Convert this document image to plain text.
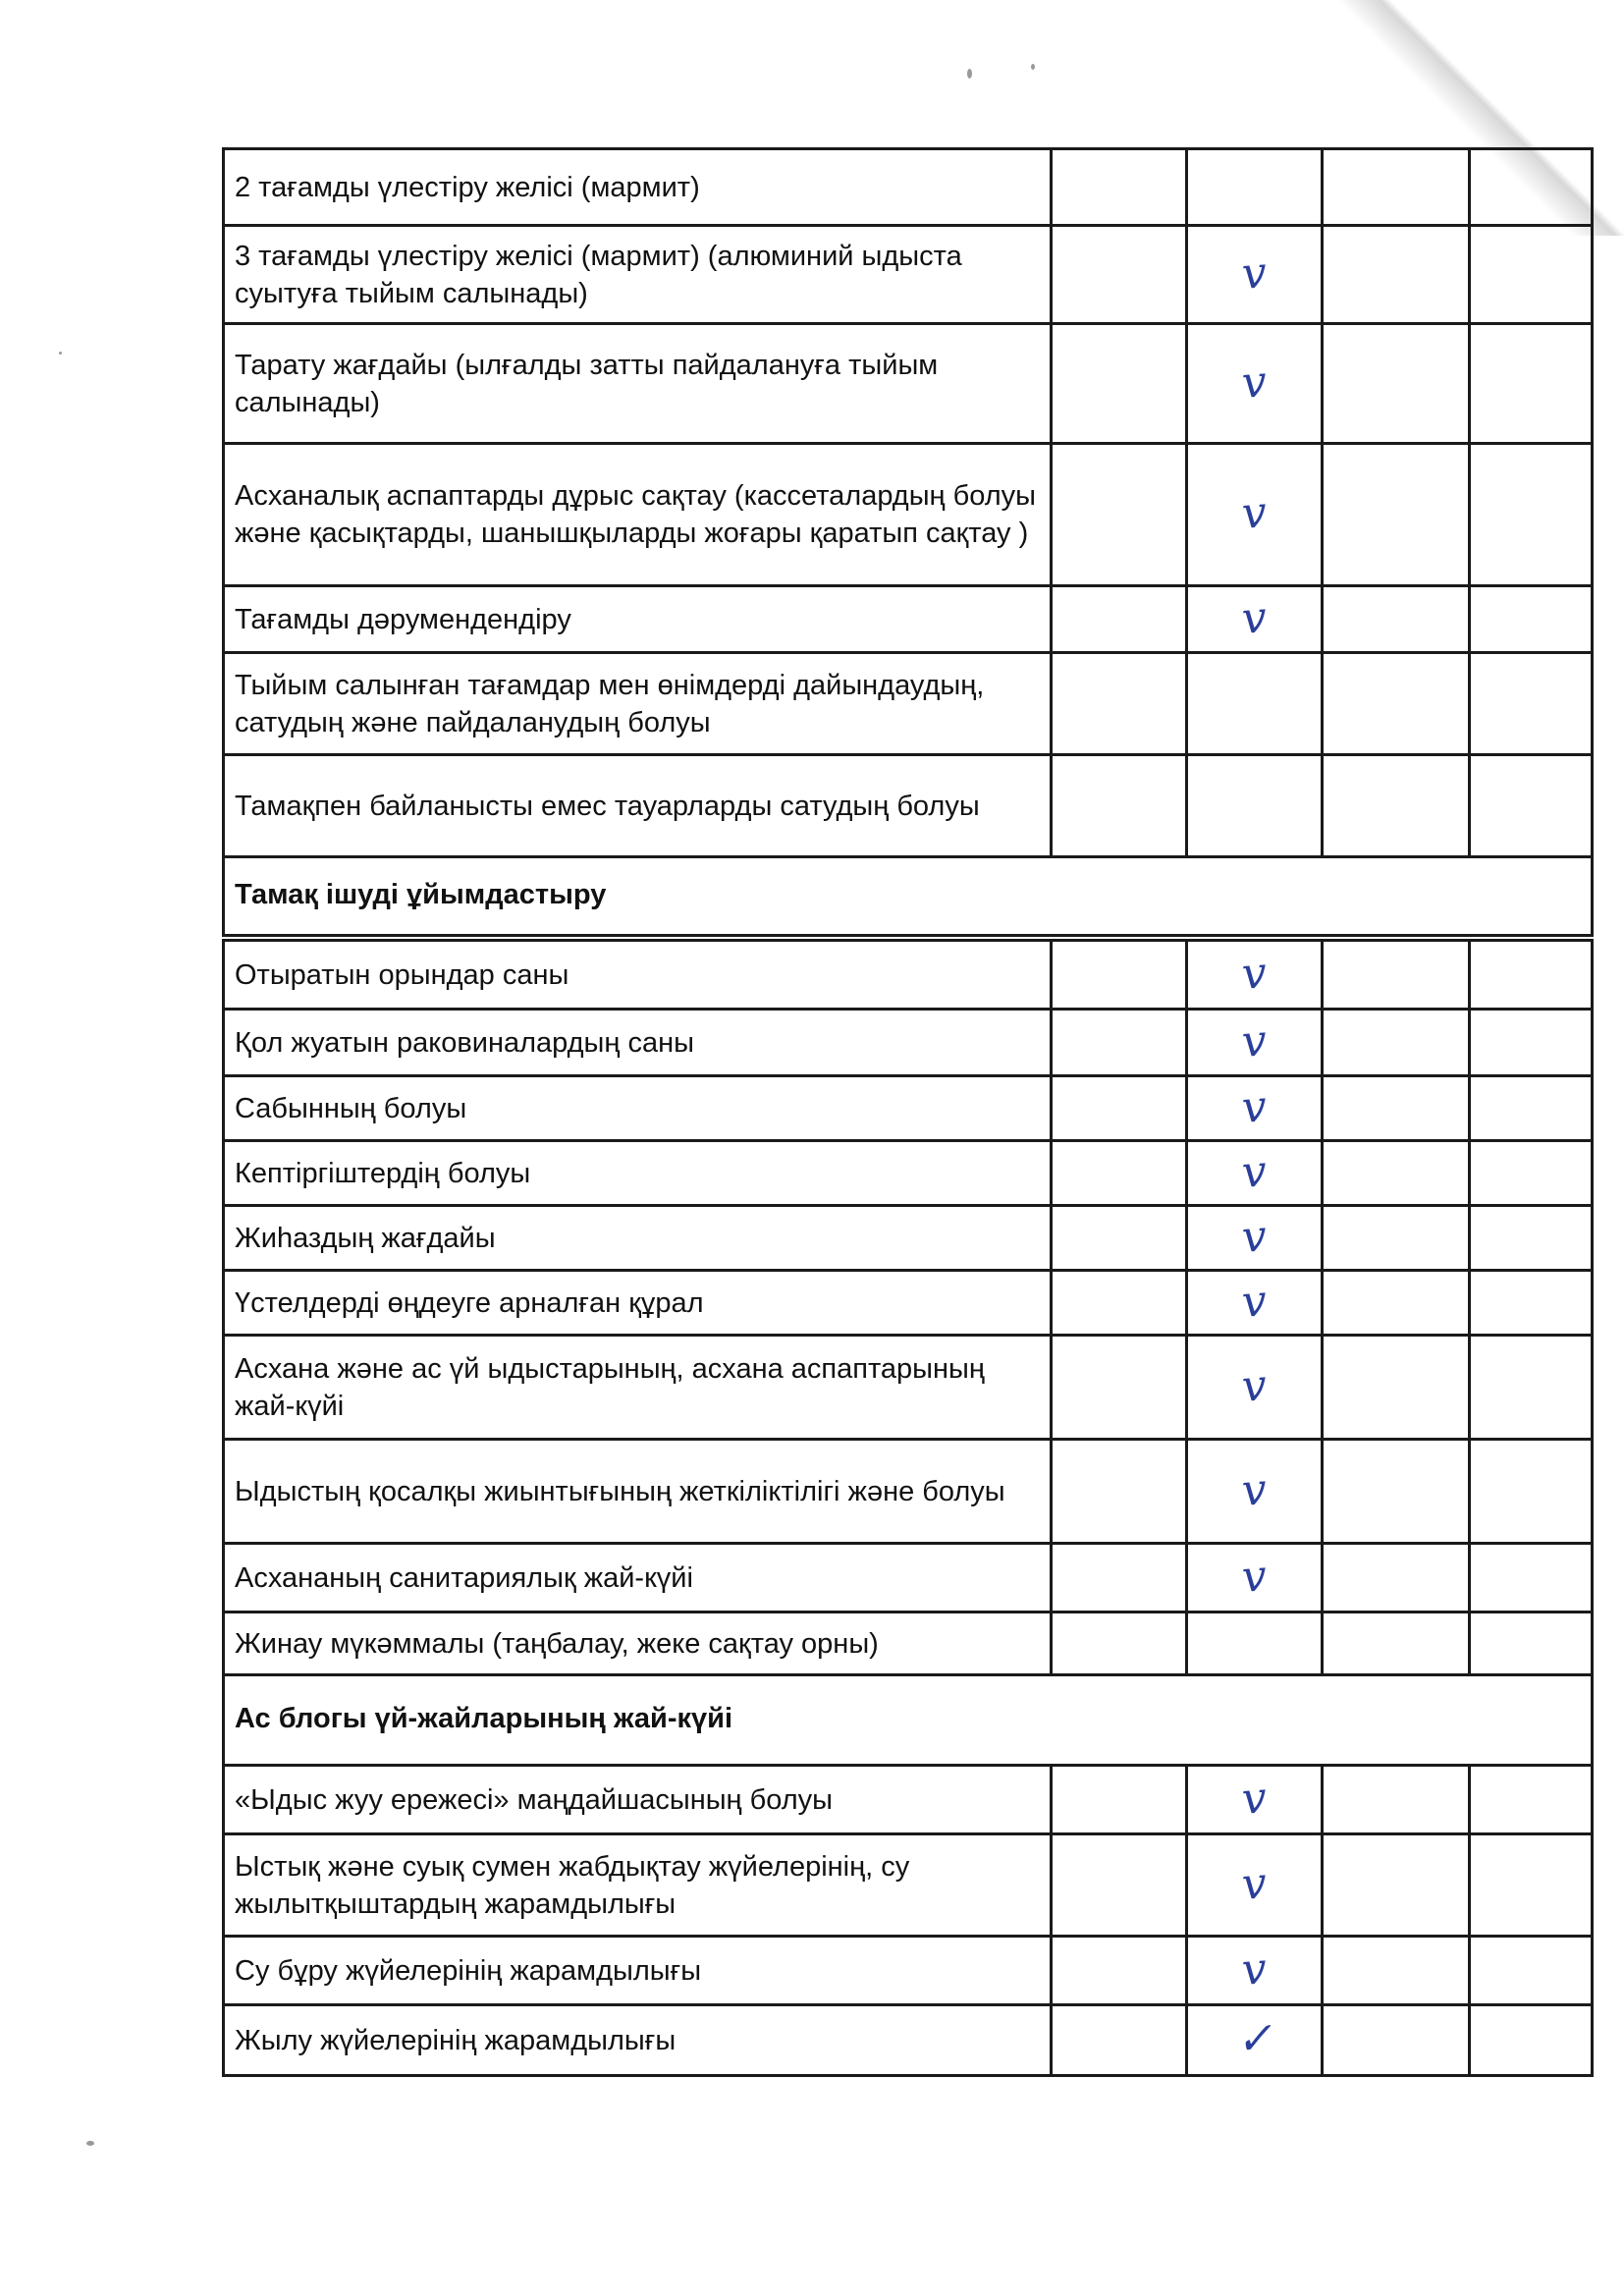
2 тағамды үлестіру желісі (мармит)				
3 тағамды үлестіру желісі (мармит) (алюминий ыдыста суытуға тыйым салынады)		v		
Тарату жағдайы (ылғалды затты пайдалануға тыйым салынады)		v		
Асханалық аспаптарды дұрыс сақтау (кассеталардың болуы және қасықтарды, шанышқыларды жоғары қаратып сақтау )		v		
Тағамды дәрумендендіру		v		
Тыйым салынған тағамдар мен өнімдерді дайындаудың, сатудың және пайдаланудың болуы				
Тамақпен байланысты емес тауарларды сатудың болуы				
Тамақ ішуді ұйымдастыру				
Отыратын орындар саны		v		
Қол жуатын раковиналардың саны		v		
Сабынның болуы		v		
Кептіргіштердің болуы		v		
Жиһаздың жағдайы		v		
Үстелдерді өңдеуге арналған құрал		v		
Асхана және ас үй ыдыстарының, асхана аспаптарының жай-күйі		v		
Ыдыстың қосалқы жиынтығының жеткіліктілігі және болуы		v		
Асхананың санитариялық жай-күйі		v		
Жинау мүкәммалы (таңбалау, жеке сақтау орны)				
Ас блогы үй-жайларының жай-күйі				
«Ыдыс жуу ережесі» маңдайшасының болуы		v		
Ыстық және суық сумен жабдықтау жүйелерінің, су жылытқыштардың жарамдылығы		v		
Су бұру жүйелерінің жарамдылығы		v		
Жылу жүйелерінің жарамдылығы		✓		
